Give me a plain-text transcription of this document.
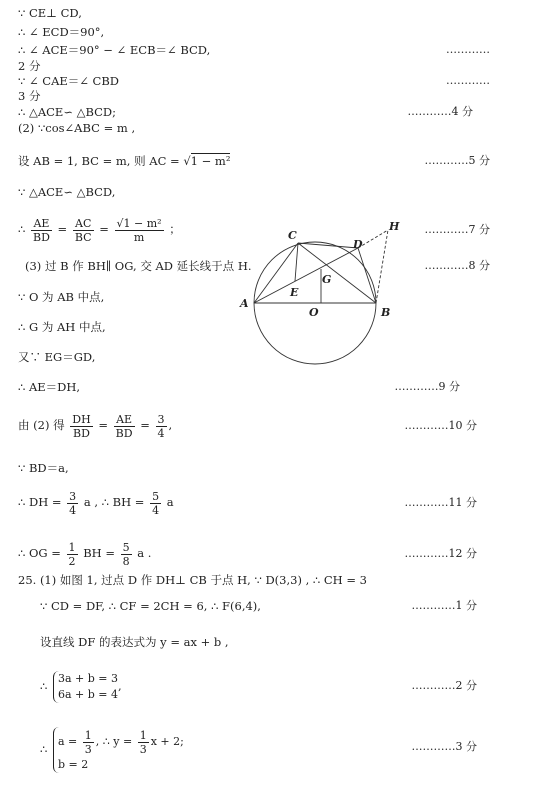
∵ CE⊥ CD,
∴ ∠ ECD＝90°,
∴ ∠ ACE＝90° − ∠ ECB＝∠ BCD,	…………
2 分
∵ ∠ CAE＝∠ CBD	…………
3 分
∴ △ACE∽ △BCD;	…………4 分
(2) ∵cos∠ABC = m ,
设 AB = 1, BC = m, 则 AC = √1 − m²	…………5 分
∵ △ACE∽ △BCD,
∴ $\frac{AE}{BD} = \frac{AC}{BC} = \frac{\text{√1 − m²}}{m}$ ；	…………7 分
(3) 过 B 作 BH∥ OG, 交 AD 延长线于点 H.	…………8 分
∵ O 为 AB 中点,
∴ G 为 AH 中点,
又∵ EG＝GD,
∴ AE＝DH,	…………9 分
由 (2) 得 $\frac{DH}{BD} = \frac{AE}{BD} = \frac{3}{4}$ ,	…………10 分
∵ BD＝a,
∴ DH = $\frac{3}{4}$ a , ∴ BH = $\frac{5}{4}$ a	…………11 分
∴ OG = $\frac{1}{2}$ BH = $\frac{5}{8}$ a .	…………12 分
25. (1) 如图 1, 过点 D 作 DH⊥ CB 于点 H, ∵ D(3,3) , ∴ CH = 3
∵ CD = DF, ∴ CF = 2CH = 6, ∴ F(6,4),	…………1 分
设直线 DF 的表达式为 y = ax + b ,
∴
3a + b = 3
6a + b = 4
,	…………2 分
∴
$a = \frac{1}{3}$ , ∴ $y = \frac{1}{3}$ x + 2;
b = 2
…………3 分
A
B
C
D
E
G
O
H
